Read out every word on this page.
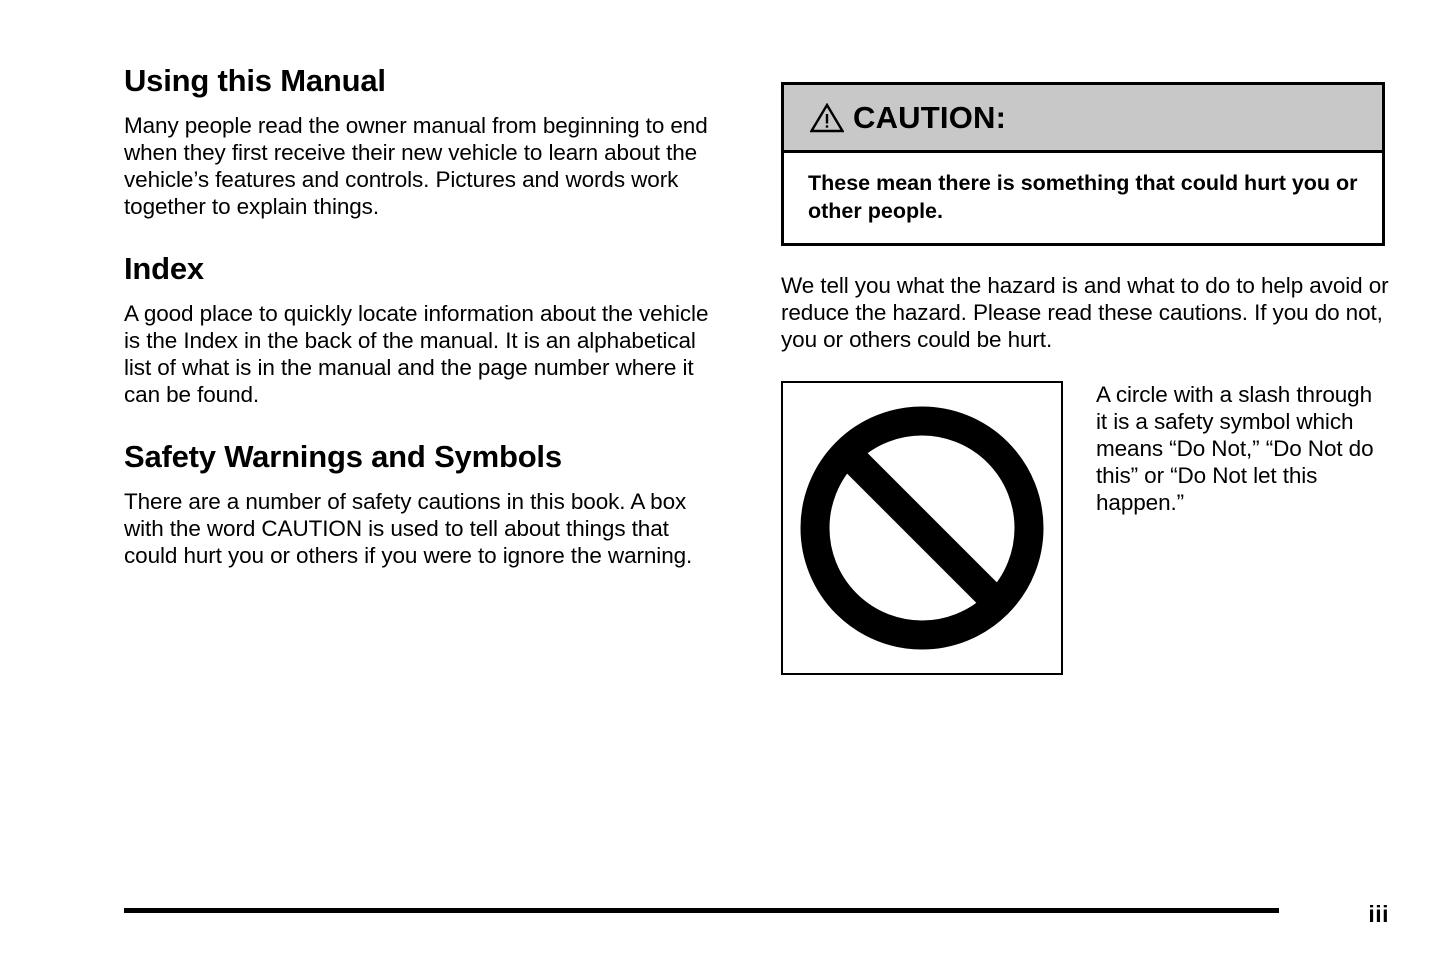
Using this Manual

Many people read the owner manual from beginning to end when they first receive their new vehicle to learn about the vehicle’s features and controls. Pictures and words work together to explain things.

Index

A good place to quickly locate information about the vehicle is the Index in the back of the manual. It is an alphabetical list of what is in the manual and the page number where it can be found.

Safety Warnings and Symbols

There are a number of safety cautions in this book. A box with the word CAUTION is used to tell about things that could hurt you or others if you were to ignore the warning.

CAUTION:

These mean there is something that could hurt you or other people.

We tell you what the hazard is and what to do to help avoid or reduce the hazard. Please read these cautions. If you do not, you or others could be hurt.

A circle with a slash through it is a safety symbol which means “Do Not,” “Do Not do this” or “Do Not let this happen.”
iii
